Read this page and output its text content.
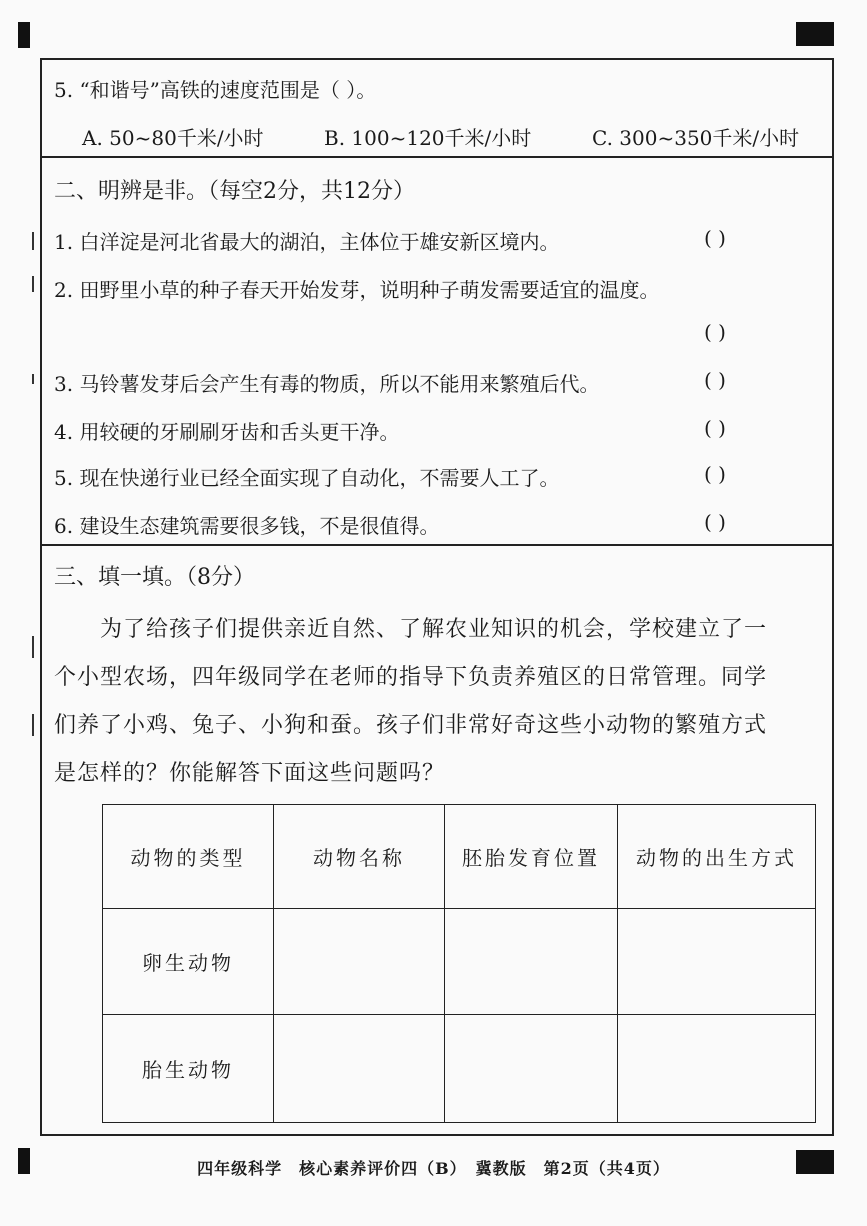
5. “和谐号”高铁的速度范围是（ ）。
A. 50~80千米/小时	B. 100~120千米/小时	C. 300~350千米/小时
二、明辨是非。（每空2分，共12分）
1. 白洋淀是河北省最大的湖泊，主体位于雄安新区境内。	( )
2. 田野里小草的种子春天开始发芽，说明种子萌发需要适宜的温度。
( )
3. 马铃薯发芽后会产生有毒的物质，所以不能用来繁殖后代。	( )
4. 用较硬的牙刷刷牙齿和舌头更干净。	( )
5. 现在快递行业已经全面实现了自动化，不需要人工了。	( )
6. 建设生态建筑需要很多钱，不是很值得。	( )
三、填一填。（8分）
为了给孩子们提供亲近自然、了解农业知识的机会，学校建立了一
个小型农场，四年级同学在老师的指导下负责养殖区的日常管理。同学
们养了小鸡、兔子、小狗和蚕。孩子们非常好奇这些小动物的繁殖方式
是怎样的？你能解答下面这些问题吗？
动物的类型	动物名称	胚胎发育位置	动物的出生方式
卵生动物			
胎生动物			
四年级科学　核心素养评价四（B）　冀教版　第2页（共4页）
